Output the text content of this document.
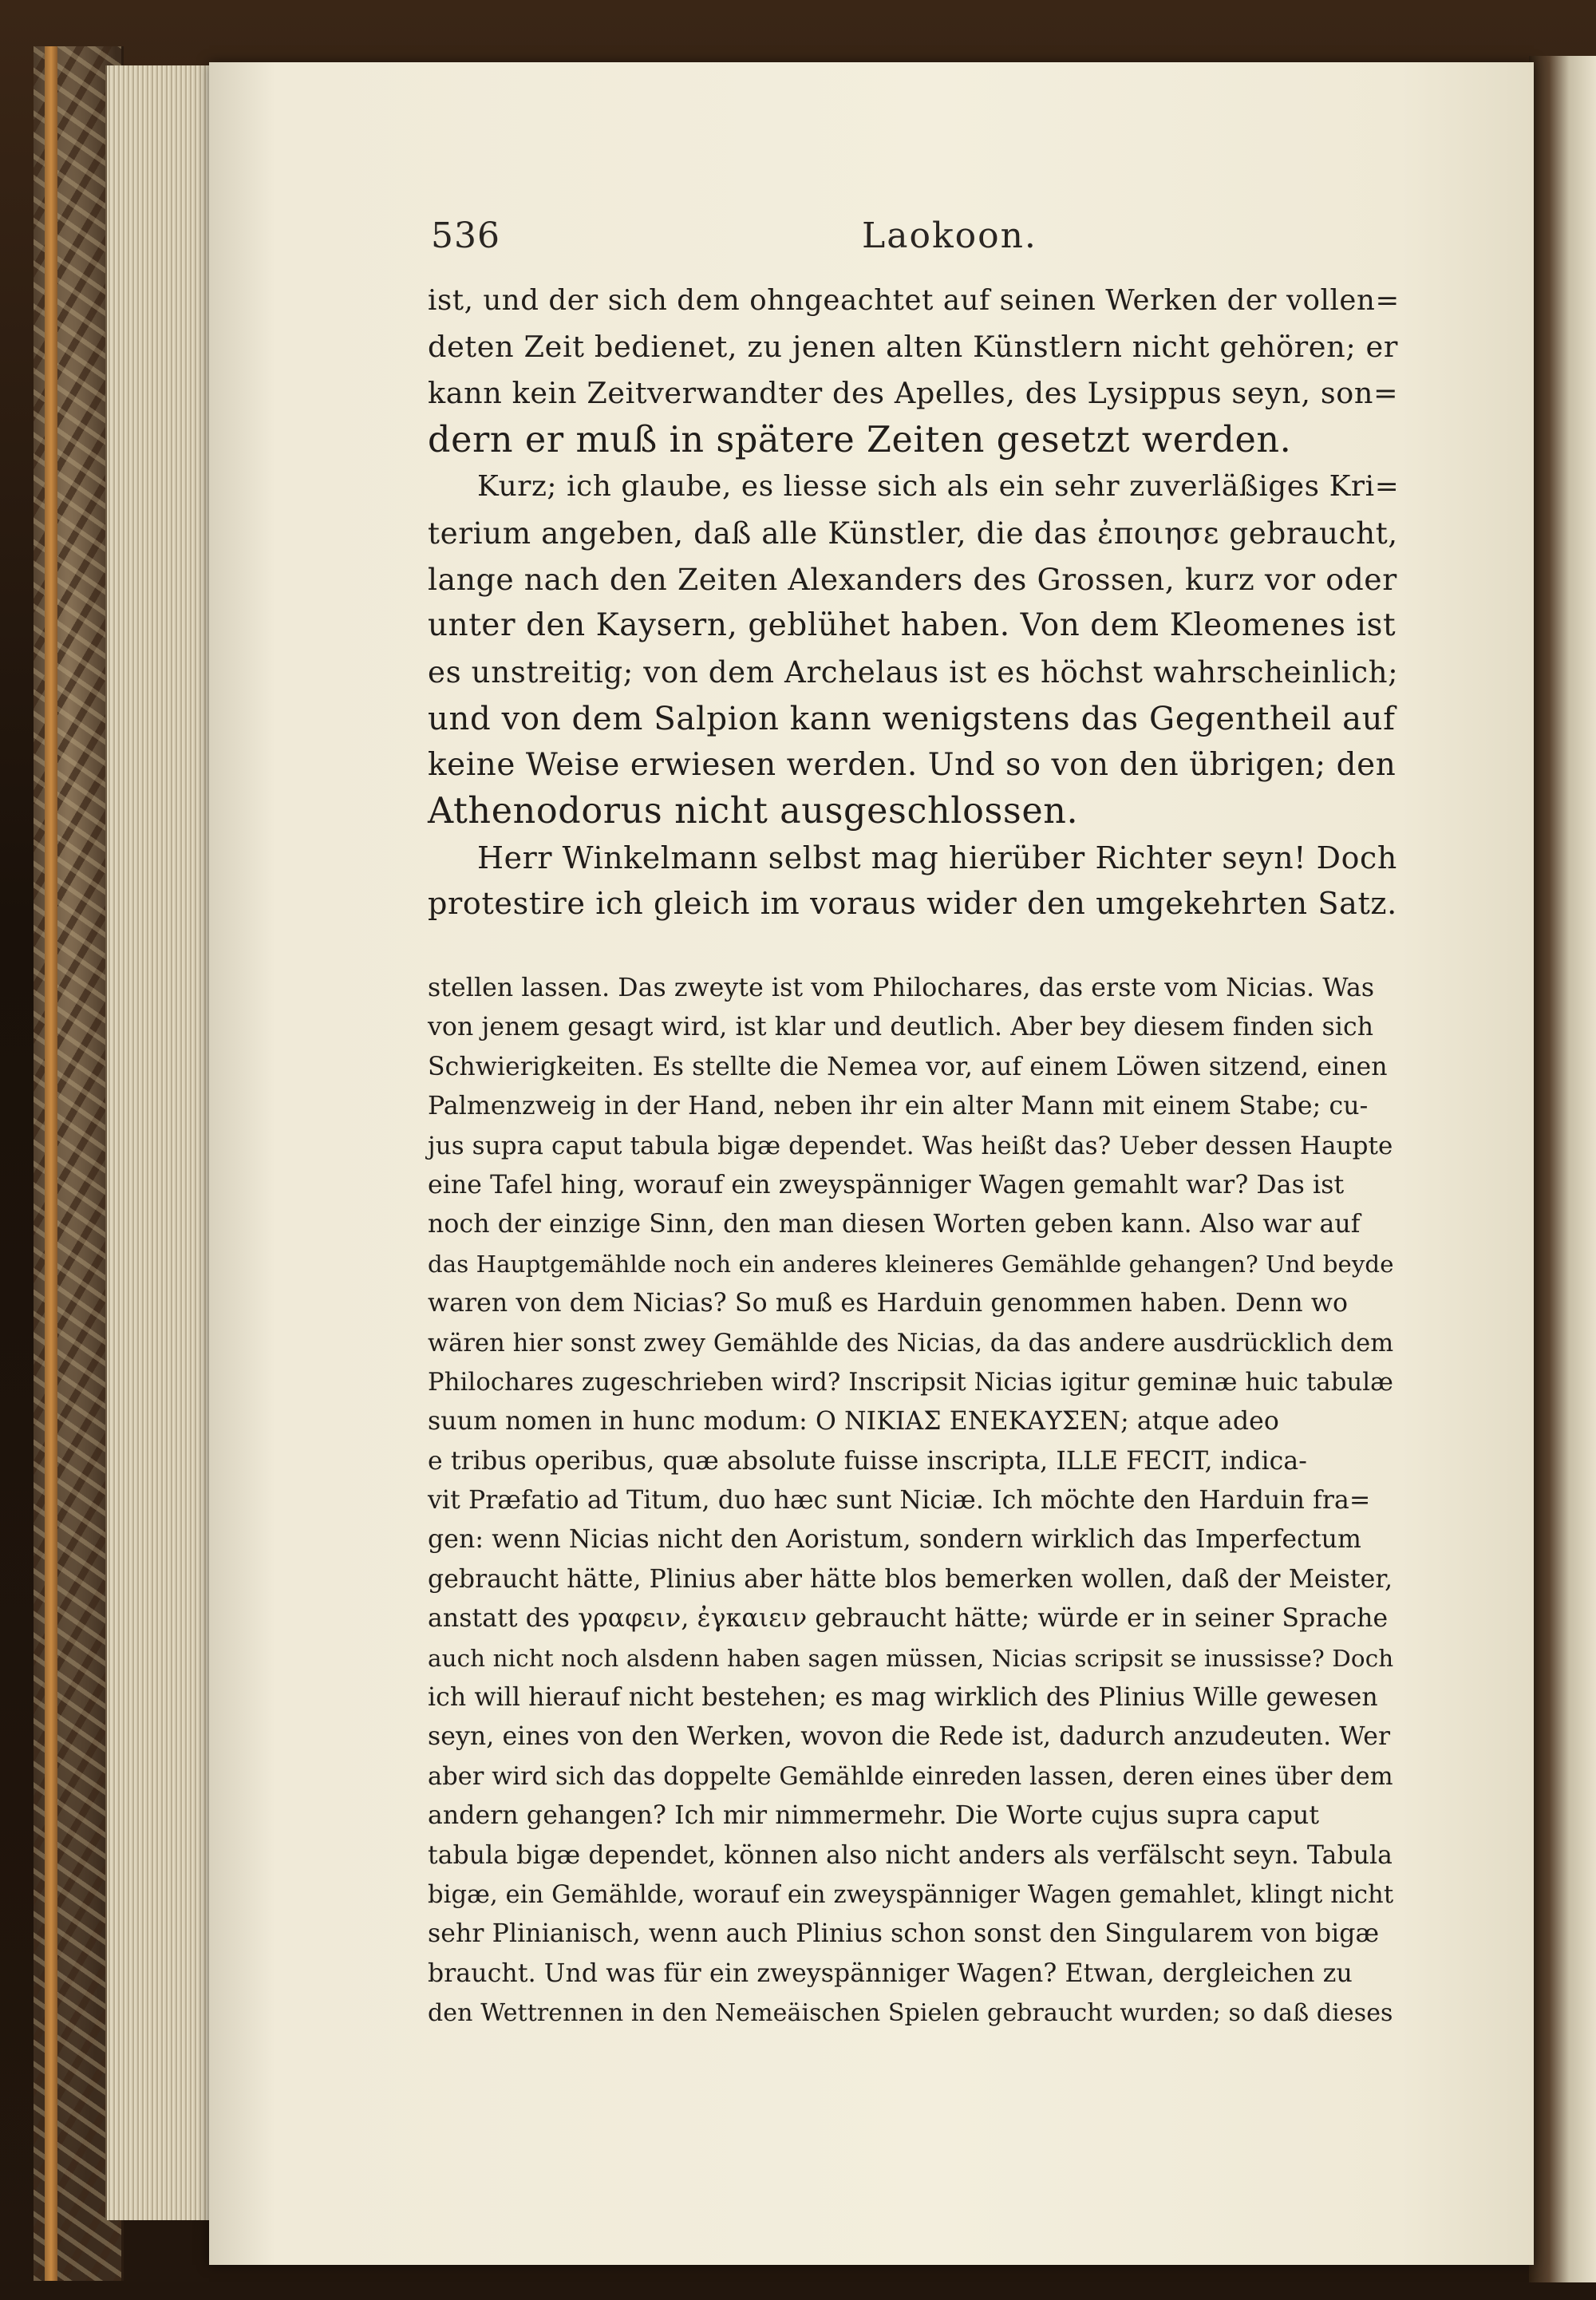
536	Laokoon.
ist, und der sich dem ohngeachtet auf seinen Werken der vollen=
deten Zeit bedienet, zu jenen alten Künstlern nicht gehören; er
kann kein Zeitverwandter des Apelles, des Lysippus seyn, son=
dern er muß in spätere Zeiten gesetzt werden.
Kurz; ich glaube, es liesse sich als ein sehr zuverläßiges Kri=
terium angeben, daß alle Künstler, die das ἐποιησε gebraucht,
lange nach den Zeiten Alexanders des Grossen, kurz vor oder
unter den Kaysern, geblühet haben. Von dem Kleomenes ist
es unstreitig; von dem Archelaus ist es höchst wahrscheinlich;
und von dem Salpion kann wenigstens das Gegentheil auf
keine Weise erwiesen werden. Und so von den übrigen; den
Athenodorus nicht ausgeschlossen.
Herr Winkelmann selbst mag hierüber Richter seyn! Doch
protestire ich gleich im voraus wider den umgekehrten Satz.
stellen lassen. Das zweyte ist vom Philochares, das erste vom Nicias. Was
von jenem gesagt wird, ist klar und deutlich. Aber bey diesem finden sich
Schwierigkeiten. Es stellte die Nemea vor, auf einem Löwen sitzend, einen
Palmenzweig in der Hand, neben ihr ein alter Mann mit einem Stabe; cu-
jus supra caput tabula bigæ dependet. Was heißt das? Ueber dessen Haupte
eine Tafel hing, worauf ein zweyspänniger Wagen gemahlt war? Das ist
noch der einzige Sinn, den man diesen Worten geben kann. Also war auf
das Hauptgemählde noch ein anderes kleineres Gemählde gehangen? Und beyde
waren von dem Nicias? So muß es Harduin genommen haben. Denn wo
wären hier sonst zwey Gemählde des Nicias, da das andere ausdrücklich dem
Philochares zugeschrieben wird? Inscripsit Nicias igitur geminæ huic tabulæ
suum nomen in hunc modum: Ο ΝΙΚΙΑΣ ΕΝΕΚΑΥΣΕΝ; atque adeo
e tribus operibus, quæ absolute fuisse inscripta, ILLE FECIT, indica-
vit Præfatio ad Titum, duo hæc sunt Niciæ. Ich möchte den Harduin fra=
gen: wenn Nicias nicht den Aoristum, sondern wirklich das Imperfectum
gebraucht hätte, Plinius aber hätte blos bemerken wollen, daß der Meister,
anstatt des γραφειν, ἐγκαιειν gebraucht hätte; würde er in seiner Sprache
auch nicht noch alsdenn haben sagen müssen, Nicias scripsit se inussisse? Doch
ich will hierauf nicht bestehen; es mag wirklich des Plinius Wille gewesen
seyn, eines von den Werken, wovon die Rede ist, dadurch anzudeuten. Wer
aber wird sich das doppelte Gemählde einreden lassen, deren eines über dem
andern gehangen? Ich mir nimmermehr. Die Worte cujus supra caput
tabula bigæ dependet, können also nicht anders als verfälscht seyn. Tabula
bigæ, ein Gemählde, worauf ein zweyspänniger Wagen gemahlet, klingt nicht
sehr Plinianisch, wenn auch Plinius schon sonst den Singularem von bigæ
braucht. Und was für ein zweyspänniger Wagen? Etwan, dergleichen zu
den Wettrennen in den Nemeäischen Spielen gebraucht wurden; so daß dieses
